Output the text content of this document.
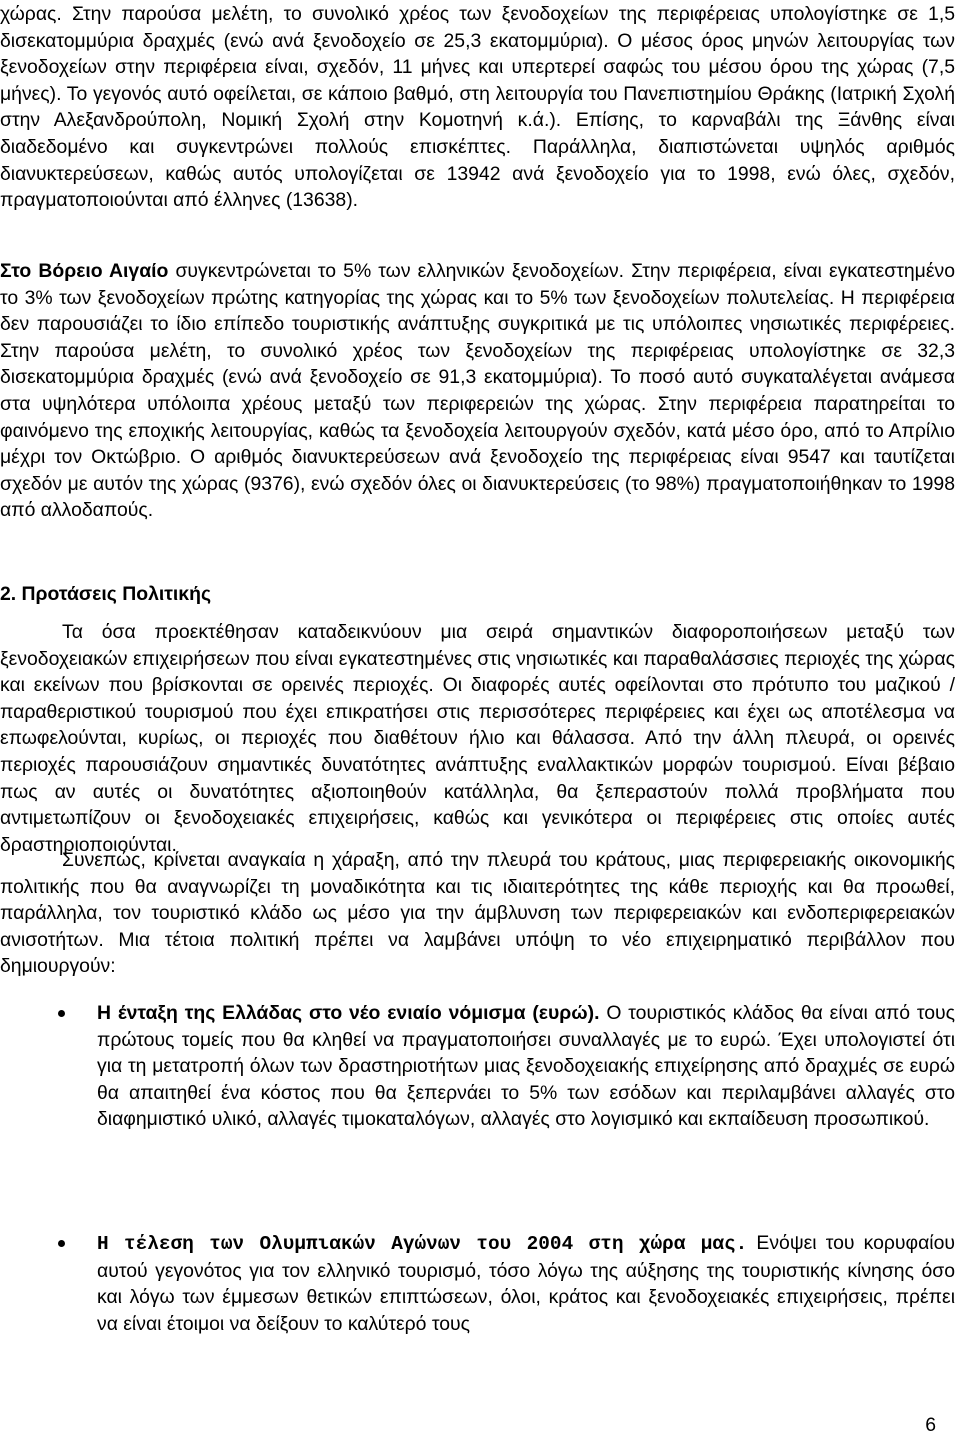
χώρας. Στην παρούσα μελέτη, το συνολικό χρέος των ξενοδοχείων της περιφέρειας υπολογίστηκε σε 1,5 δισεκατομμύρια δραχμές (ενώ ανά ξενοδοχείο σε 25,3 εκατομμύρια). Ο μέσος όρος μηνών λειτουργίας των ξενοδοχείων στην περιφέρεια είναι, σχεδόν, 11 μήνες και υπερτερεί σαφώς του μέσου όρου της χώρας (7,5 μήνες). Το γεγονός αυτό οφείλεται, σε κάποιο βαθμό, στη λειτουργία του Πανεπιστημίου Θράκης (Ιατρική Σχολή στην Αλεξανδρούπολη, Νομική Σχολή στην Κομοτηνή κ.ά.). Επίσης, το καρναβάλι της Ξάνθης είναι διαδεδομένο και συγκεντρώνει πολλούς επισκέπτες. Παράλληλα, διαπιστώνεται υψηλός αριθμός διανυκτερεύσεων, καθώς αυτός υπολογίζεται σε 13942 ανά ξενοδοχείο για το 1998, ενώ όλες, σχεδόν, πραγματοποιούνται από έλληνες (13638).

Στο Βόρειο Αιγαίο συγκεντρώνεται το 5% των ελληνικών ξενοδοχείων. Στην περιφέρεια, είναι εγκατεστημένο το 3% των ξενοδοχείων πρώτης κατηγορίας της χώρας και το 5% των ξενοδοχείων πολυτελείας. Η περιφέρεια δεν παρουσιάζει το ίδιο επίπεδο τουριστικής ανάπτυξης συγκριτικά με τις υπόλοιπες νησιωτικές περιφέρειες. Στην παρούσα μελέτη, το συνολικό χρέος των ξενοδοχείων της περιφέρειας υπολογίστηκε σε 32,3 δισεκατομμύρια δραχμές (ενώ ανά ξενοδοχείο σε 91,3 εκατομμύρια). Το ποσό αυτό συγκαταλέγεται ανάμεσα στα υψηλότερα υπόλοιπα χρέους μεταξύ των περιφερειών της χώρας. Στην περιφέρεια παρατηρείται το φαινόμενο της εποχικής λειτουργίας, καθώς τα ξενοδοχεία λειτουργούν σχεδόν, κατά μέσο όρο, από το Απρίλιο μέχρι τον Οκτώβριο. Ο αριθμός διανυκτερεύσεων ανά ξενοδοχείο της περιφέρειας είναι 9547 και ταυτίζεται σχεδόν με αυτόν της χώρας (9376), ενώ σχεδόν όλες οι διανυκτερεύσεις (το 98%) πραγματοποιήθηκαν το 1998 από αλλοδαπούς.

2. Προτάσεις Πολιτικής

Τα όσα προεκτέθησαν καταδεικνύουν μια σειρά σημαντικών διαφοροποιήσεων μεταξύ των ξενοδοχειακών επιχειρήσεων που είναι εγκατεστημένες στις νησιωτικές και παραθαλάσσιες περιοχές της χώρας και εκείνων που βρίσκονται σε ορεινές περιοχές. Οι διαφορές αυτές οφείλονται στο πρότυπο του μαζικού /παραθεριστικού τουρισμού που έχει επικρατήσει στις περισσότερες περιφέρειες και έχει ως αποτέλεσμα να επωφελούνται, κυρίως, οι περιοχές που διαθέτουν ήλιο και θάλασσα. Από την άλλη πλευρά, οι ορεινές περιοχές παρουσιάζουν σημαντικές δυνατότητες ανάπτυξης εναλλακτικών μορφών τουρισμού. Είναι βέβαιο πως αν αυτές οι δυνατότητες αξιοποιηθούν κατάλληλα, θα ξεπεραστούν πολλά προβλήματα που αντιμετωπίζουν οι ξενοδοχειακές επιχειρήσεις, καθώς και γενικότερα οι περιφέρειες στις οποίες αυτές δραστηριοποιούνται.

Συνεπώς, κρίνεται αναγκαία η χάραξη, από την πλευρά του κράτους, μιας περιφερειακής οικονομικής πολιτικής που θα αναγνωρίζει τη μοναδικότητα και τις ιδιαιτερότητες της κάθε περιοχής και θα προωθεί, παράλληλα, τον τουριστικό κλάδο ως μέσο για την άμβλυνση των περιφερειακών και ενδοπεριφερειακών ανισοτήτων. Μια τέτοια πολιτική πρέπει να λαμβάνει υπόψη το νέο επιχειρηματικό περιβάλλον που δημιουργούν:

Η ένταξη της Ελλάδας στο νέο ενιαίο νόμισμα (ευρώ). Ο τουριστικός κλάδος θα είναι από τους πρώτους τομείς που θα κληθεί να πραγματοποιήσει συναλλαγές με το ευρώ. Έχει υπολογιστεί ότι για τη μετατροπή όλων των δραστηριοτήτων μιας ξενοδοχειακής επιχείρησης από δραχμές σε ευρώ θα απαιτηθεί ένα κόστος που θα ξεπερνάει το 5% των εσόδων και περιλαμβάνει αλλαγές στο διαφημιστικό υλικό, αλλαγές τιμοκαταλόγων, αλλαγές στο λογισμικό και εκπαίδευση προσωπικού.

Η τέλεση των Ολυμπιακών Αγώνων του 2004 στη χώρα μας. Ενόψει του κορυφαίου αυτού γεγονότος για τον ελληνικό τουρισμό, τόσο λόγω της αύξησης της τουριστικής κίνησης όσο και λόγω των έμμεσων θετικών επιπτώσεων, όλοι, κράτος και ξενοδοχειακές επιχειρήσεις, πρέπει να είναι έτοιμοι να δείξουν το καλύτερό τους

6
